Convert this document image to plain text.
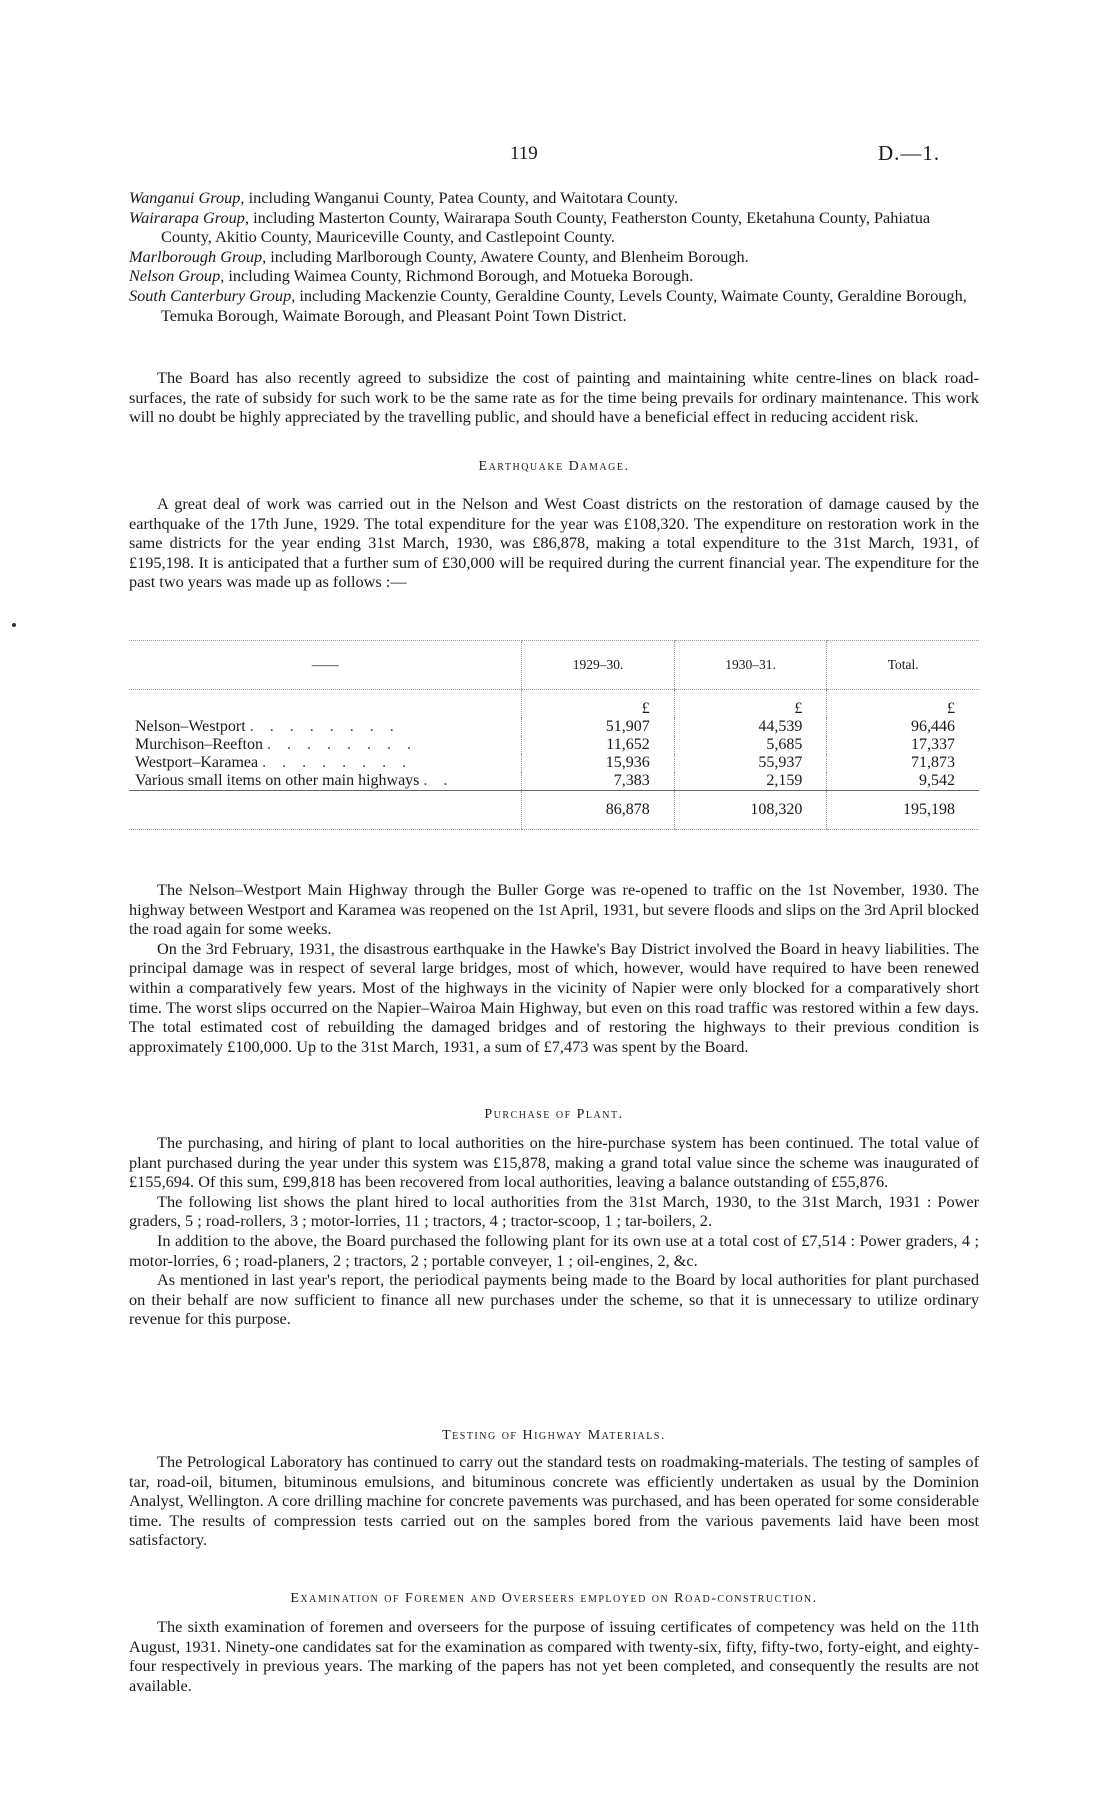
119	D.—1.

Wanganui Group, including Wanganui County, Patea County, and Waitotara County.

Wairarapa Group, including Masterton County, Wairarapa South County, Featherston County, Eketahuna County, Pahiatua County, Akitio County, Mauriceville County, and Castlepoint County.

Marlborough Group, including Marlborough County, Awatere County, and Blenheim Borough.

Nelson Group, including Waimea County, Richmond Borough, and Motueka Borough.

South Canterbury Group, including Mackenzie County, Geraldine County, Levels County, Waimate County, Geraldine Borough, Temuka Borough, Waimate Borough, and Pleasant Point Town District.

The Board has also recently agreed to subsidize the cost of painting and maintaining white centre-lines on black road-surfaces, the rate of subsidy for such work to be the same rate as for the time being prevails for ordinary maintenance. This work will no doubt be highly appreciated by the travelling public, and should have a beneficial effect in reducing accident risk.

Earthquake Damage.

A great deal of work was carried out in the Nelson and West Coast districts on the restoration of damage caused by the earthquake of the 17th June, 1929. The total expenditure for the year was £108,320. The expenditure on restoration work in the same districts for the year ending 31st March, 1930, was £86,878, making a total expenditure to the 31st March, 1931, of £195,198. It is anticipated that a further sum of £30,000 will be required during the current financial year. The expenditure for the past two years was made up as follows :—

——	1929–30.	1930–31.	Total.
	£	£	£
Nelson–Westport . . . . . . . .	51,907	44,539	96,446
Murchison–Reefton . . . . . . . .	11,652	5,685	17,337
Westport–Karamea . . . . . . . .	15,936	55,937	71,873
Various small items on other main highways . .	7,383	2,159	9,542
	86,878	108,320	195,198

The Nelson–Westport Main Highway through the Buller Gorge was re-opened to traffic on the 1st November, 1930. The highway between Westport and Karamea was reopened on the 1st April, 1931, but severe floods and slips on the 3rd April blocked the road again for some weeks.

On the 3rd February, 1931, the disastrous earthquake in the Hawke's Bay District involved the Board in heavy liabilities. The principal damage was in respect of several large bridges, most of which, however, would have required to have been renewed within a comparatively few years. Most of the highways in the vicinity of Napier were only blocked for a comparatively short time. The worst slips occurred on the Napier–Wairoa Main Highway, but even on this road traffic was restored within a few days. The total estimated cost of rebuilding the damaged bridges and of restoring the highways to their previous condition is approximately £100,000. Up to the 31st March, 1931, a sum of £7,473 was spent by the Board.

Purchase of Plant.

The purchasing, and hiring of plant to local authorities on the hire-purchase system has been continued. The total value of plant purchased during the year under this system was £15,878, making a grand total value since the scheme was inaugurated of £155,694. Of this sum, £99,818 has been recovered from local authorities, leaving a balance outstanding of £55,876.

The following list shows the plant hired to local authorities from the 31st March, 1930, to the 31st March, 1931 : Power graders, 5 ; road-rollers, 3 ; motor-lorries, 11 ; tractors, 4 ; tractor-scoop, 1 ; tar-boilers, 2.

In addition to the above, the Board purchased the following plant for its own use at a total cost of £7,514 : Power graders, 4 ; motor-lorries, 6 ; road-planers, 2 ; tractors, 2 ; portable conveyer, 1 ; oil-engines, 2, &c.

As mentioned in last year's report, the periodical payments being made to the Board by local authorities for plant purchased on their behalf are now sufficient to finance all new purchases under the scheme, so that it is unnecessary to utilize ordinary revenue for this purpose.

Testing of Highway Materials.

The Petrological Laboratory has continued to carry out the standard tests on roadmaking-materials. The testing of samples of tar, road-oil, bitumen, bituminous emulsions, and bituminous concrete was efficiently undertaken as usual by the Dominion Analyst, Wellington. A core drilling machine for concrete pavements was purchased, and has been operated for some considerable time. The results of compression tests carried out on the samples bored from the various pavements laid have been most satisfactory.

Examination of Foremen and Overseers employed on Road-construction.

The sixth examination of foremen and overseers for the purpose of issuing certificates of competency was held on the 11th August, 1931. Ninety-one candidates sat for the examination as compared with twenty-six, fifty, fifty-two, forty-eight, and eighty-four respectively in previous years. The marking of the papers has not yet been completed, and consequently the results are not available.
